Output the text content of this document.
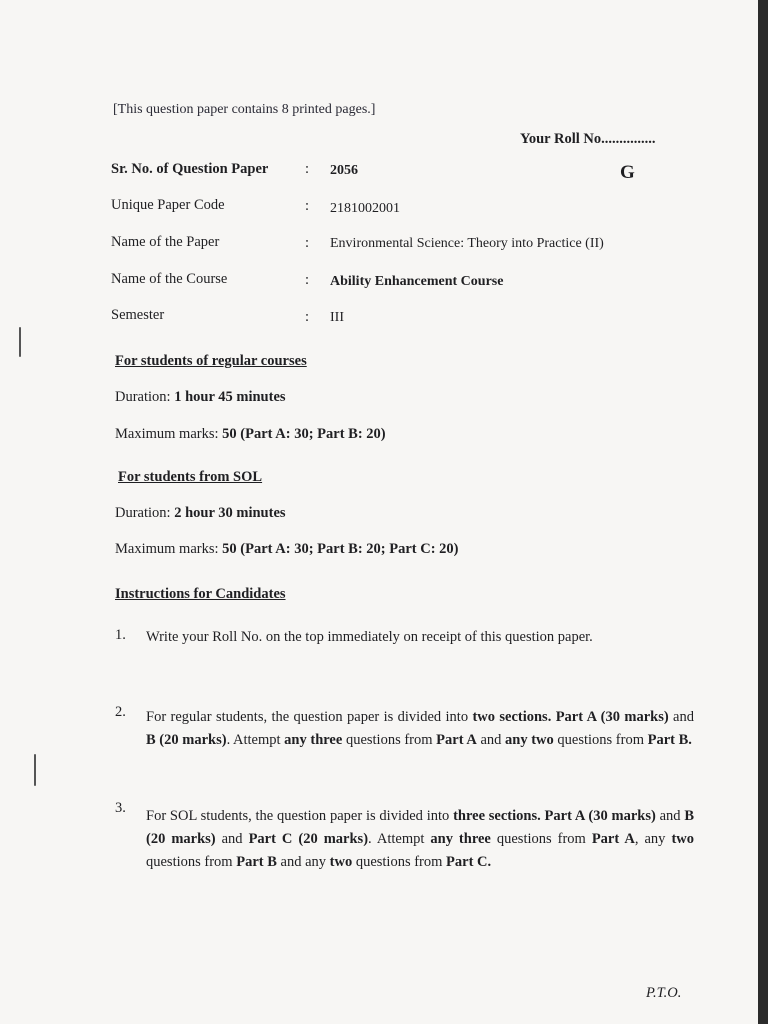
[This question paper contains 8 printed pages.]
Your Roll No...............
G
Sr. No. of Question Paper	: 2056
Unique Paper Code	: 2181002001
Name of the Paper	: Environmental Science: Theory into Practice (II)
Name of the Course	: Ability Enhancement Course
Semester	: III
For students of regular courses
Duration: 1 hour 45 minutes
Maximum marks: 50 (Part A: 30; Part B: 20)
For students from SOL
Duration: 2 hour 30 minutes
Maximum marks: 50 (Part A: 30; Part B: 20; Part C: 20)
Instructions for Candidates
1. Write your Roll No. on the top immediately on receipt of this question paper.
2. For regular students, the question paper is divided into two sections. Part A (30 marks) and B (20 marks). Attempt any three questions from Part A and any two questions from Part B.
3. For SOL students, the question paper is divided into three sections. Part A (30 marks) and B (20 marks) and Part C (20 marks). Attempt any three questions from Part A, any two questions from Part B and any two questions from Part C.
P.T.O.
